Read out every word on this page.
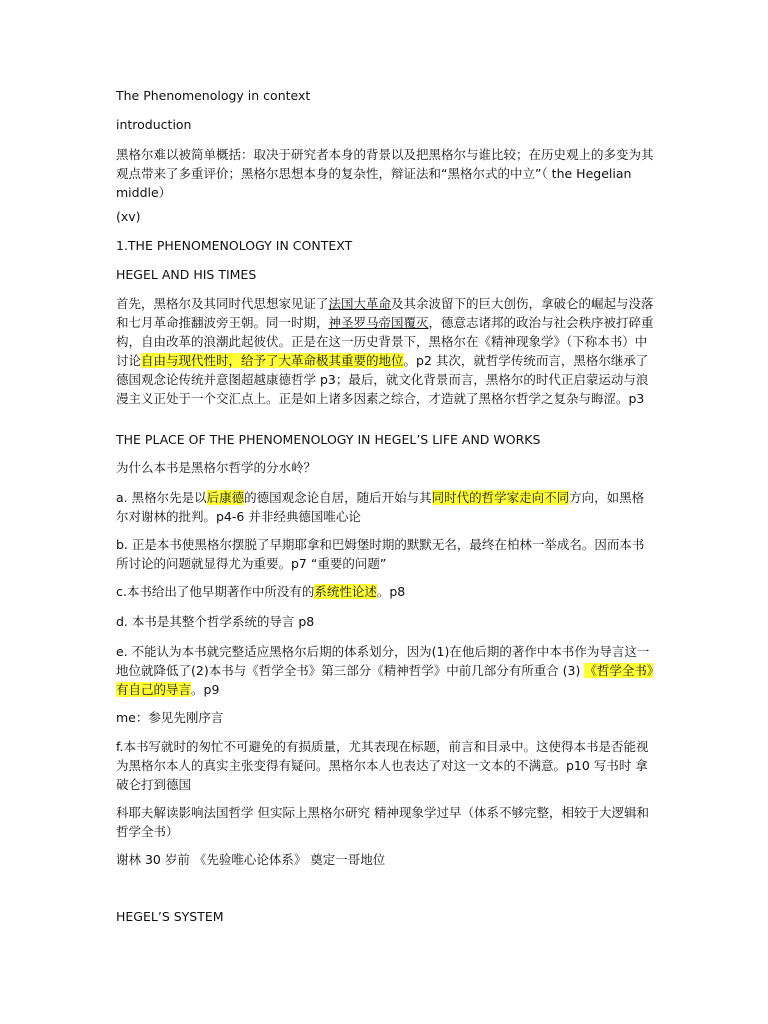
The Phenomenology in context

introduction

黑格尔难以被简单概括：取决于研究者本身的背景以及把黑格尔与谁比较；在历史观上的多变为其观点带来了多重评价；黑格尔思想本身的复杂性，辩证法和“黑格尔式的中立”（ the Hegelian middle）

(xv)

1.THE PHENOMENOLOGY IN CONTEXT

HEGEL AND HIS TIMES

首先，黑格尔及其同时代思想家见证了法国大革命及其余波留下的巨大创伤，拿破仑的崛起与没落和七月革命推翻波旁王朝。同一时期，神圣罗马帝国覆灭，德意志诸邦的政治与社会秩序被打碎重构，自由改革的浪潮此起彼伏。正是在这一历史背景下，黑格尔在《精神现象学》（下称本书）中讨论自由与现代性时，给予了大革命极其重要的地位。p2 其次，就哲学传统而言，黑格尔继承了德国观念论传统并意图超越康德哲学 p3；最后，就文化背景而言，黑格尔的时代正启蒙运动与浪漫主义正处于一个交汇点上。正是如上诸多因素之综合，才造就了黑格尔哲学之复杂与晦涩。p3

THE PLACE OF THE PHENOMENOLOGY IN HEGEL’S LIFE AND WORKS

为什么本书是黑格尔哲学的分水岭？

a. 黑格尔先是以后康德的德国观念论自居，随后开始与其同时代的哲学家走向不同方向，如黑格尔对谢林的批判。p4-6 并非经典德国唯心论

b. 正是本书使黑格尔摆脱了早期耶拿和巴姆堡时期的默默无名，最终在柏林一举成名。因而本书所讨论的问题就显得尤为重要。p7 “重要的问题”

c.本书给出了他早期著作中所没有的系统性论述。p8

d. 本书是其整个哲学系统的导言 p8

e. 不能认为本书就完整适应黑格尔后期的体系划分，因为(1)在他后期的著作中本书作为导言这一地位就降低了(2)本书与《哲学全书》第三部分《精神哲学》中前几部分有所重合 (3) 《哲学全书》有自己的导言。p9

me：参见先刚序言

f.本书写就时的匆忙不可避免的有损质量，尤其表现在标题，前言和目录中。这使得本书是否能视为黑格尔本人的真实主张变得有疑问。黑格尔本人也表达了对这一文本的不满意。p10 写书时 拿破仑打到德国

科耶夫解读影响法国哲学 但实际上黑格尔研究 精神现象学过早（体系不够完整，相较于大逻辑和哲学全书）

谢林 30 岁前 《先验唯心论体系》 奠定一哥地位

HEGEL’S SYSTEM
